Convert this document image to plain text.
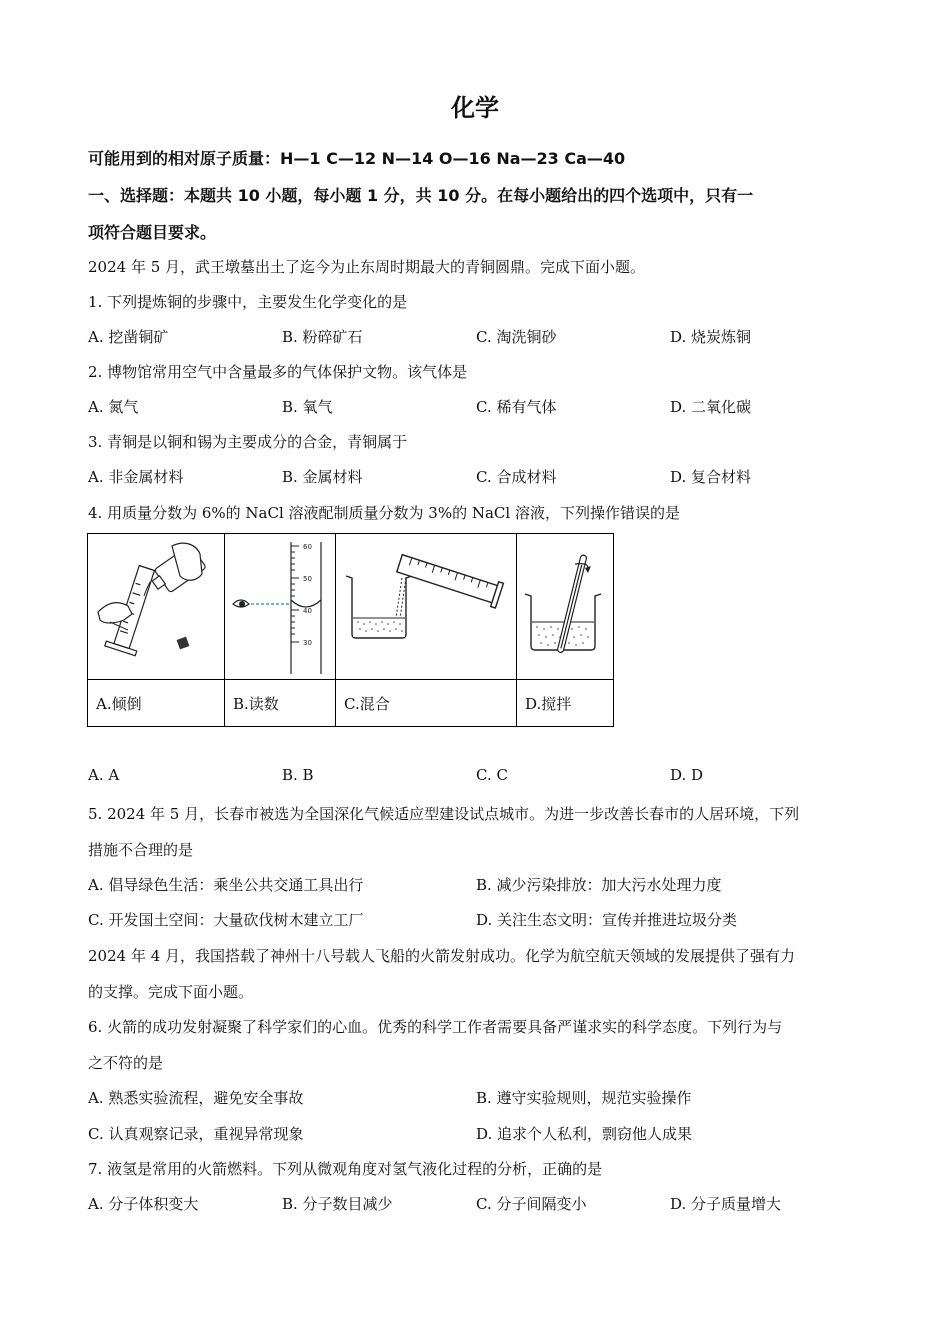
化学
可能用到的相对原子质量：H—1 C—12 N—14 O—16 Na—23 Ca—40
一、选择题：本题共 10 小题，每小题 1 分，共 10 分。在每小题给出的四个选项中，只有一
项符合题目要求。
2024 年 5 月，武王墩墓出土了迄今为止东周时期最大的青铜圆鼎。完成下面小题。
1. 下列提炼铜的步骤中，主要发生化学变化的是
A. 挖凿铜矿	B. 粉碎矿石	C. 淘洗铜砂	D. 烧炭炼铜
2. 博物馆常用空气中含量最多的气体保护文物。该气体是
A. 氮气	B. 氧气	C. 稀有气体	D. 二氧化碳
3. 青铜是以铜和锡为主要成分的合金，青铜属于
A. 非金属材料	B. 金属材料	C. 合成材料	D. 复合材料
4. 用质量分数为 6%的 NaCl 溶液配制质量分数为 3%的 NaCl 溶液，下列操作错误的是

60
50
40
30

A.倾倒	B.读数	C.混合	D.搅拌
A. A	B. B	C. C	D. D
5. 2024 年 5 月，长春市被选为全国深化气候适应型建设试点城市。为进一步改善长春市的人居环境，下列
措施不合理的是
A. 倡导绿色生活：乘坐公共交通工具出行	B. 减少污染排放：加大污水处理力度
C. 开发国土空间：大量砍伐树木建立工厂	D. 关注生态文明：宣传并推进垃圾分类
2024 年 4 月，我国搭载了神州十八号载人飞船的火箭发射成功。化学为航空航天领域的发展提供了强有力
的支撑。完成下面小题。
6. 火箭的成功发射凝聚了科学家们的心血。优秀的科学工作者需要具备严谨求实的科学态度。下列行为与
之不符的是
A. 熟悉实验流程，避免安全事故	B. 遵守实验规则，规范实验操作
C. 认真观察记录，重视异常现象	D. 追求个人私利，剽窃他人成果
7. 液氢是常用的火箭燃料。下列从微观角度对氢气液化过程的分析，正确的是
A. 分子体积变大	B. 分子数目减少	C. 分子间隔变小	D. 分子质量增大
